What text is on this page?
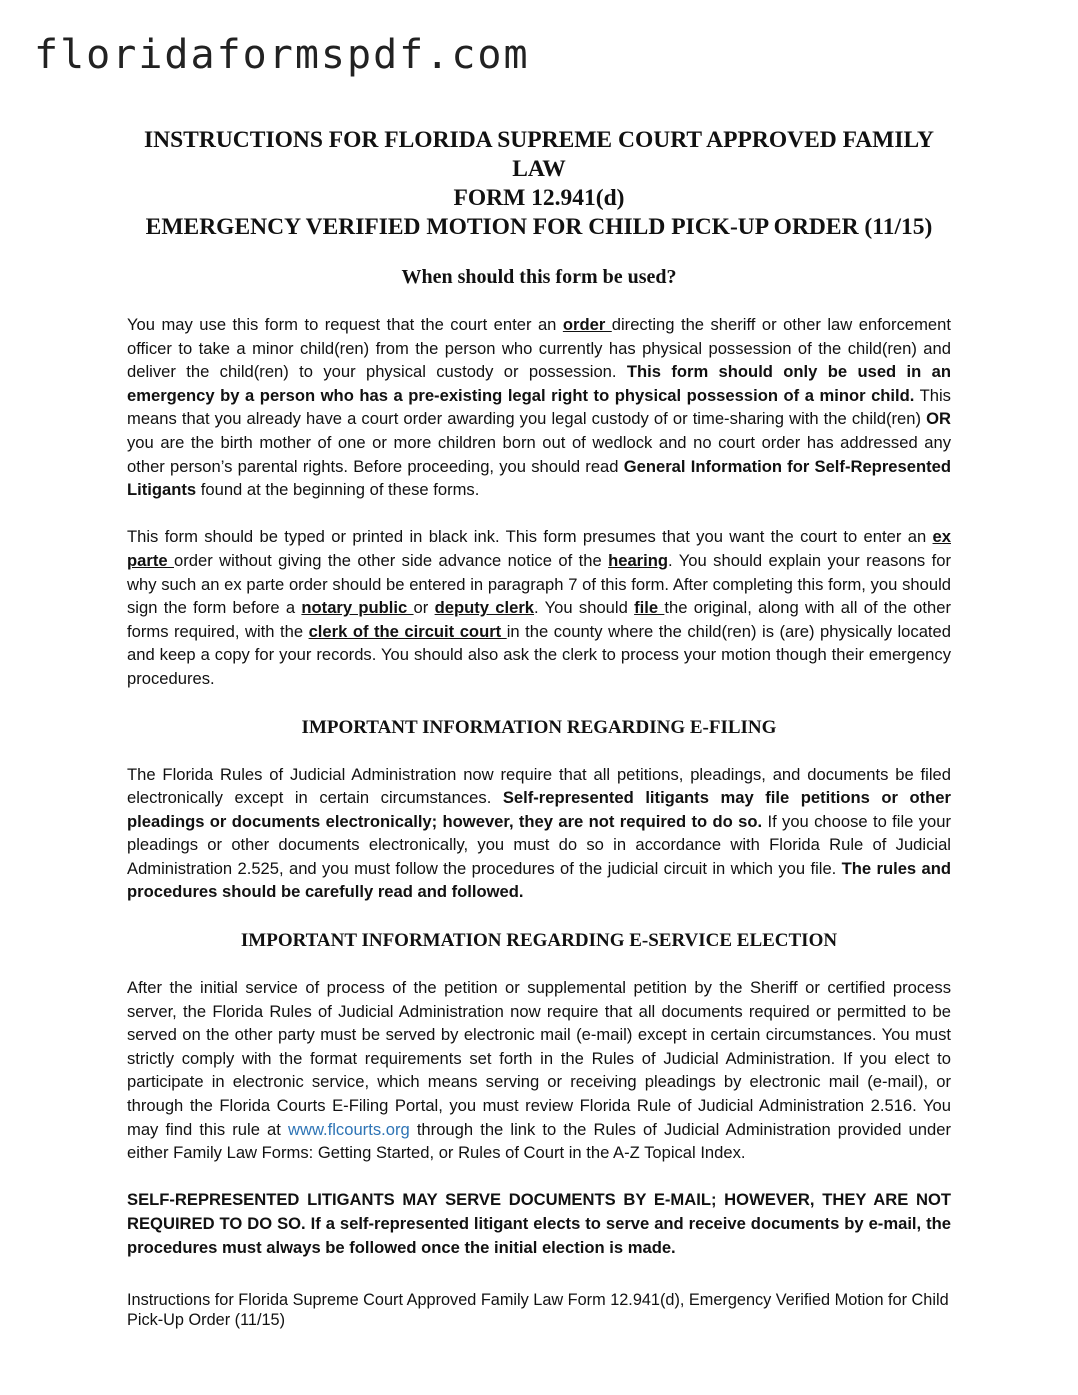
floridaformspdf.com
INSTRUCTIONS FOR FLORIDA SUPREME COURT APPROVED FAMILY LAW
FORM 12.941(d)
EMERGENCY VERIFIED MOTION FOR CHILD PICK-UP ORDER (11/15)
When should this form be used?

You may use this form to request that the court enter an order directing the sheriff or other law enforcement officer to take a minor child(ren) from the person who currently has physical possession of the child(ren) and deliver the child(ren) to your physical custody or possession. This form should only be used in an emergency by a person who has a pre-existing legal right to physical possession of a minor child. This means that you already have a court order awarding you legal custody of or time-sharing with the child(ren) OR you are the birth mother of one or more children born out of wedlock and no court order has addressed any other person’s parental rights. Before proceeding, you should read General Information for Self-Represented Litigants found at the beginning of these forms.

This form should be typed or printed in black ink. This form presumes that you want the court to enter an ex parte order without giving the other side advance notice of the hearing. You should explain your reasons for why such an ex parte order should be entered in paragraph 7 of this form. After completing this form, you should sign the form before a notary public or deputy clerk. You should file the original, along with all of the other forms required, with the clerk of the circuit court in the county where the child(ren) is (are) physically located and keep a copy for your records. You should also ask the clerk to process your motion though their emergency procedures.

IMPORTANT INFORMATION REGARDING E-FILING

The Florida Rules of Judicial Administration now require that all petitions, pleadings, and documents be filed electronically except in certain circumstances. Self-represented litigants may file petitions or other pleadings or documents electronically; however, they are not required to do so. If you choose to file your pleadings or other documents electronically, you must do so in accordance with Florida Rule of Judicial Administration 2.525, and you must follow the procedures of the judicial circuit in which you file. The rules and procedures should be carefully read and followed.

IMPORTANT INFORMATION REGARDING E-SERVICE ELECTION

After the initial service of process of the petition or supplemental petition by the Sheriff or certified process server, the Florida Rules of Judicial Administration now require that all documents required or permitted to be served on the other party must be served by electronic mail (e-mail) except in certain circumstances. You must strictly comply with the format requirements set forth in the Rules of Judicial Administration. If you elect to participate in electronic service, which means serving or receiving pleadings by electronic mail (e-mail), or through the Florida Courts E-Filing Portal, you must review Florida Rule of Judicial Administration 2.516. You may find this rule at www.flcourts.org through the link to the Rules of Judicial Administration provided under either Family Law Forms: Getting Started, or Rules of Court in the A-Z Topical Index.

SELF-REPRESENTED LITIGANTS MAY SERVE DOCUMENTS BY E-MAIL; HOWEVER, THEY ARE NOT REQUIRED TO DO SO. If a self-represented litigant elects to serve and receive documents by e-mail, the procedures must always be followed once the initial election is made.

Instructions for Florida Supreme Court Approved Family Law Form 12.941(d), Emergency Verified Motion for Child Pick-Up Order (11/15)
